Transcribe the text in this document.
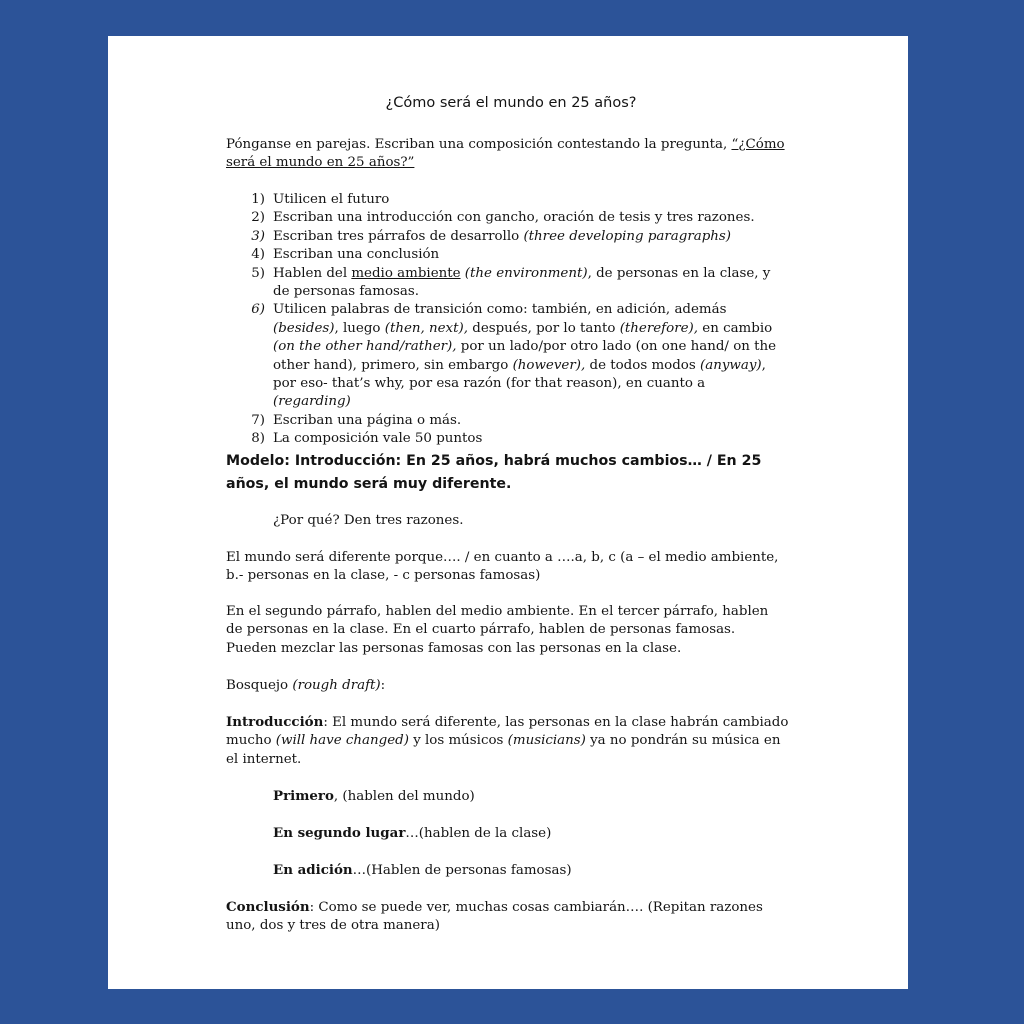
¿Cómo será el mundo en 25 años?

Pónganse en parejas. Escriban una composición contestando la pregunta, “¿Cómo será el mundo en 25 años?”

1) Utilicen el futuro
2) Escriban una introducción con gancho, oración de tesis y tres razones.
3) Escriban tres párrafos de desarrollo (three developing paragraphs)
4) Escriban una conclusión
5) Hablen del medio ambiente (the environment), de personas en la clase, y de personas famosas.
6) Utilicen palabras de transición como: también, en adición, además (besides), luego (then, next), después, por lo tanto (therefore), en cambio (on the other hand/rather), por un lado/por otro lado (on one hand/ on the other hand), primero, sin embargo (however), de todos modos (anyway), por eso- that’s why, por esa razón (for that reason), en cuanto a (regarding)
7) Escriban una página o más.
8) La composición vale 50 puntos

Modelo: Introducción: En 25 años, habrá muchos cambios… / En 25 años, el mundo será muy diferente.

¿Por qué? Den tres razones.

El mundo será diferente porque…. / en cuanto a ….a, b, c (a – el medio ambiente, b.- personas en la clase, - c personas famosas)

En el segundo párrafo, hablen del medio ambiente. En el tercer párrafo, hablen de personas en la clase. En el cuarto párrafo, hablen de personas famosas. Pueden mezclar las personas famosas con las personas en la clase.

Bosquejo (rough draft):

Introducción: El mundo será diferente, las personas en la clase habrán cambiado mucho (will have changed) y los músicos (musicians) ya no pondrán su música en el internet.

Primero, (hablen del mundo)

En segundo lugar…(hablen de la clase)

En adición…(Hablen de personas famosas)

Conclusión: Como se puede ver, muchas cosas cambiarán…. (Repitan razones uno, dos y tres de otra manera)
